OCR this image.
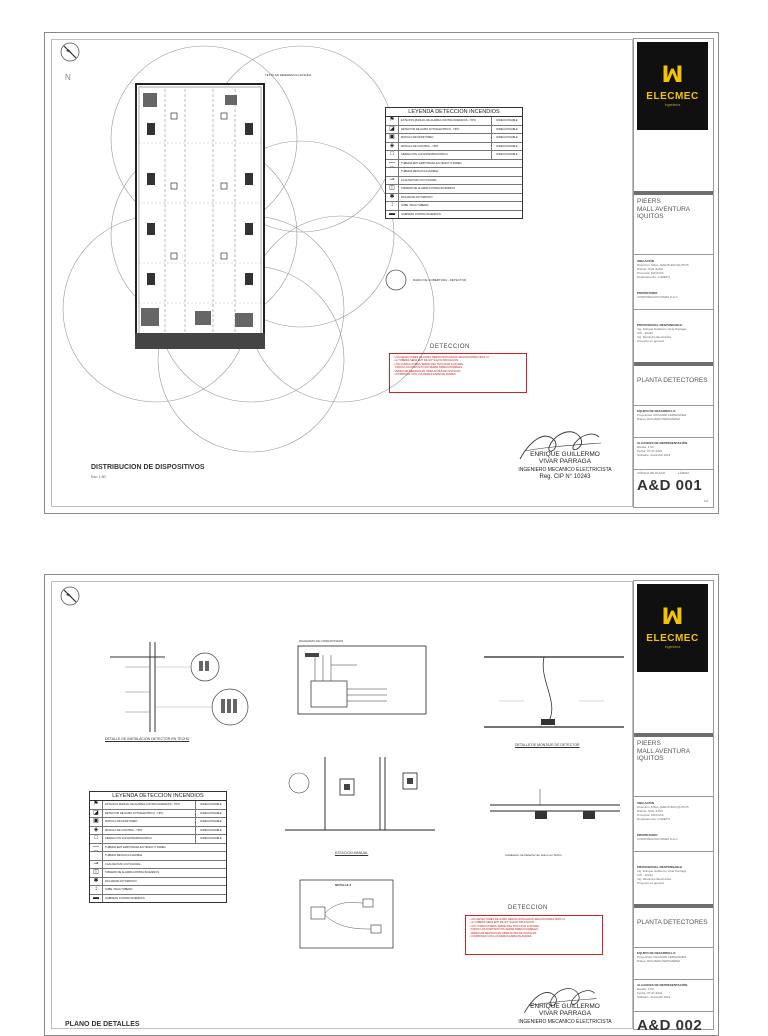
N	TEXTO DE REFERENCIA LEYENDA
LEYENDA DETECCION INCENDIOS
⚑	ESTACION MANUAL DE ALARMA CONTRA INCENDIOS - TIPO	DIRECCIONABLE
◪	DETECTOR DE HUMO FOTOELECTRICO - TIPO	DIRECCIONABLE
▣	MODULO DE MONITOREO	DIRECCIONABLE
◈	MODULO DE CONTROL - TIPO	DIRECCIONABLE
□	SIRENA CON LUZ ESTROBOSCOPICA	DIRECCIONABLE
—	TUBERIA EMT EMPOTRADA EN TECHO O PARED
⌒	TUBERIA METALICA FLEXIBLE
⊸	CAJA DE PASO OCTOGONAL
◫	TABLERO DE ALARMA CONTRA INCENDIOS
✱	ROCIADOR AUTOMATICO
↕	SUBE / BAJA TUBERIA
▬	GABINETE CONTRA INCENDIOS
RADIO DE COBERTURA - DETECTOR
DETECCION
- LOS DETECTORES DE HUMO SERAN INSTALADOS SEGUN NORMA NFPA 72.
- LA TUBERIA SERA EMT DE 3/4" SALVO INDICACION.
- LOS CONDUCTORES SERAN DEL TIPO FPLR 2x18 AWG.
- TODOS LOS DISPOSITIVOS SERAN DIRECCIONABLES.
- VERIFICAR MEDIDAS EN OBRA ANTES DE INSTALAR.
- COORDINAR CON LAS DEMAS ESPECIALIDADES.
ENRIQUE GUILLERMO
VIVAR PARRAGA
INGENIERO MECANICO ELECTRICISTA
Reg. CIP N° 10243
DISTRIBUCION DE DISPOSITIVOS
Esc: 1:50
ꟽ
ELECMEC
Ingeniería
PIEERS
MALL AVENTURA
IQUITOS
UBICACIÓN
Dirección: MALL AVENTURA IQUITOS
Distrito: SAN JUAN
Provincia: MAYNAS
Departamento: LORETO
PROPIETARIO
CORPORACION RAMA S.A.C.
PROFESIONAL RESPONSABLE
Ing. Enrique Guillermo Vivar Parraga
CIP - 10243
Ing. Mecánico Electricista
Proyecto en general
PLANTA DETECTORES
EQUIPO DE DESARROLLO
Proyectista: RICHARD FERNANDEZ
Dibujo: RICHARD FERNANDEZ
ALCANCES DE REPRESENTACIÓN
Escala: 1:50
Fecha: 07-07-2022
Software: AutoCAD 2019
CÓDIGO DE PLANO	LÁMINA
A&D 001
1/2
DETALLE DE INSTALACIÓN DETECTOR EN TECHO
DIAGRAMA DE CONEXIONADO
DETALLE DE MONTAJE DE DETECTOR
ESTACIÓN MANUAL	Instalación de Detector de Humo en Techo
DETALLE 2
LEYENDA DETECCION INCENDIOS
⚑	ESTACION MANUAL DE ALARMA CONTRA INCENDIOS - TIPO	DIRECCIONABLE
◪	DETECTOR DE HUMO FOTOELECTRICO - TIPO	DIRECCIONABLE
▣	MODULO DE MONITOREO	DIRECCIONABLE
◈	MODULO DE CONTROL - TIPO	DIRECCIONABLE
□	SIRENA CON LUZ ESTROBOSCOPICA	DIRECCIONABLE
—	TUBERIA EMT EMPOTRADA EN TECHO O PARED
⌒	TUBERIA METALICA FLEXIBLE
⊸	CAJA DE PASO OCTOGONAL
◫	TABLERO DE ALARMA CONTRA INCENDIOS
✱	ROCIADOR AUTOMATICO
↕	SUBE / BAJA TUBERIA
▬	GABINETE CONTRA INCENDIOS
DETECCION
- LOS DETECTORES DE HUMO SERAN INSTALADOS SEGUN NORMA NFPA 72.
- LA TUBERIA SERA EMT DE 3/4" SALVO INDICACION.
- LOS CONDUCTORES SERAN DEL TIPO FPLR 2x18 AWG.
- TODOS LOS DISPOSITIVOS SERAN DIRECCIONABLES.
- VERIFICAR MEDIDAS EN OBRA ANTES DE INSTALAR.
- COORDINAR CON LAS DEMAS ESPECIALIDADES.
ENRIQUE GUILLERMO
VIVAR PARRAGA
INGENIERO MECANICO ELECTRICISTA
PLANO DE DETALLES
ꟽ
ELECMEC
Ingeniería
PIEERS
MALL AVENTURA
IQUITOS
UBICACIÓN
Dirección: MALL AVENTURA IQUITOS
Distrito: SAN JUAN
Provincia: MAYNAS
Departamento: LORETO
PROPIETARIO
CORPORACION RAMA S.A.C.
PROFESIONAL RESPONSABLE
Ing. Enrique Guillermo Vivar Parraga
CIP - 10243
Ing. Mecánico Electricista
Proyecto en general
PLANTA DETECTORES
EQUIPO DE DESARROLLO
Proyectista: RICHARD FERNANDEZ
Dibujo: RICHARD FERNANDEZ
ALCANCES DE REPRESENTACIÓN
Escala: 1:50
Fecha: 07-07-2022
Software: AutoCAD 2019
A&D 002
